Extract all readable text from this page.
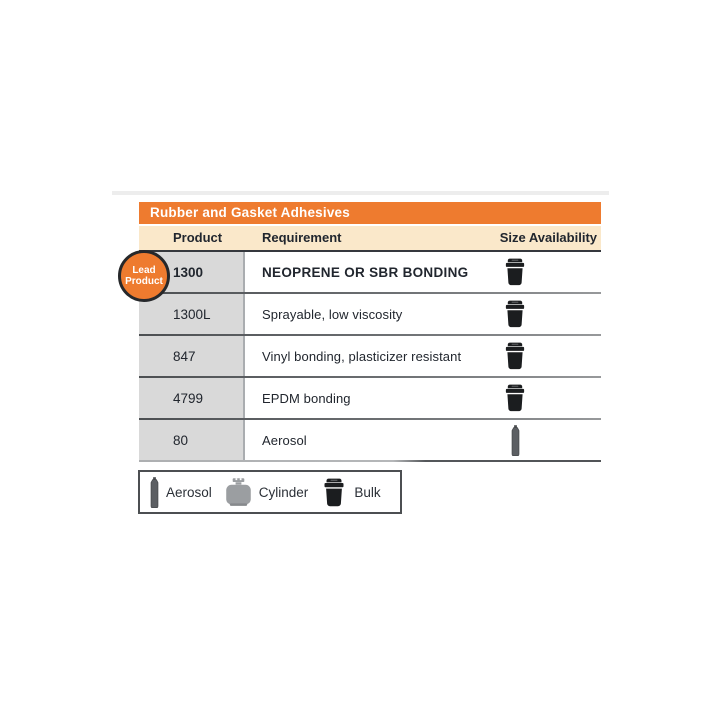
Rubber and Gasket Adhesives
Product	Requirement	Size Availability
1300	NEOPRENE OR SBR BONDING
1300L	Sprayable, low viscosity
847	Vinyl bonding, plasticizer resistant
4799	EPDM bonding
80	Aerosol
Lead
Product
Aerosol	Cylinder	Bulk
